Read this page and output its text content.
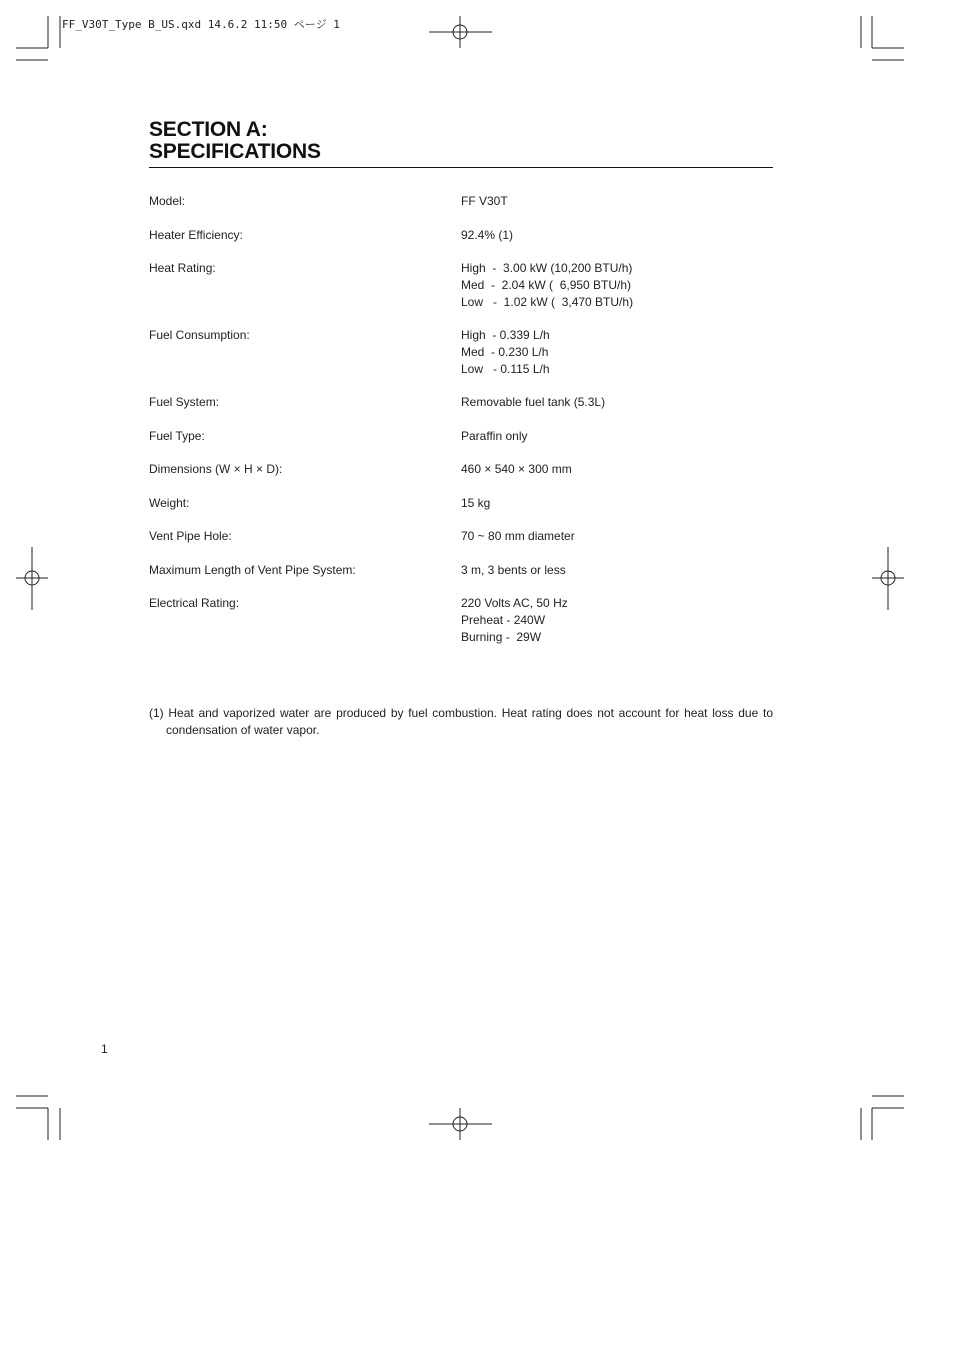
FF_V30T_Type B_US.qxd 14.6.2 11:50 ページ 1
SECTION A:
SPECIFICATIONS
Model:	FF V30T
Heater Efficiency:	92.4% (1)
Heat Rating:	High  -  3.00 kW (10,200 BTU/h)
Med  -  2.04 kW (  6,950 BTU/h)
Low   -  1.02 kW (  3,470 BTU/h)
Fuel Consumption:	High  - 0.339 L/h
Med  - 0.230 L/h
Low   - 0.115 L/h
Fuel System:	Removable fuel tank (5.3L)
Fuel Type:	Paraffin only
Dimensions (W × H × D):	460 × 540 × 300 mm
Weight:	15 kg
Vent Pipe Hole:	70 ~ 80 mm diameter
Maximum Length of Vent Pipe System:	3 m, 3 bents or less
Electrical Rating:	220 Volts AC, 50 Hz
Preheat - 240W
Burning -  29W

(1) Heat and vaporized water are produced by fuel combustion. Heat rating does not account for heat loss due to condensation of water vapor.

1
